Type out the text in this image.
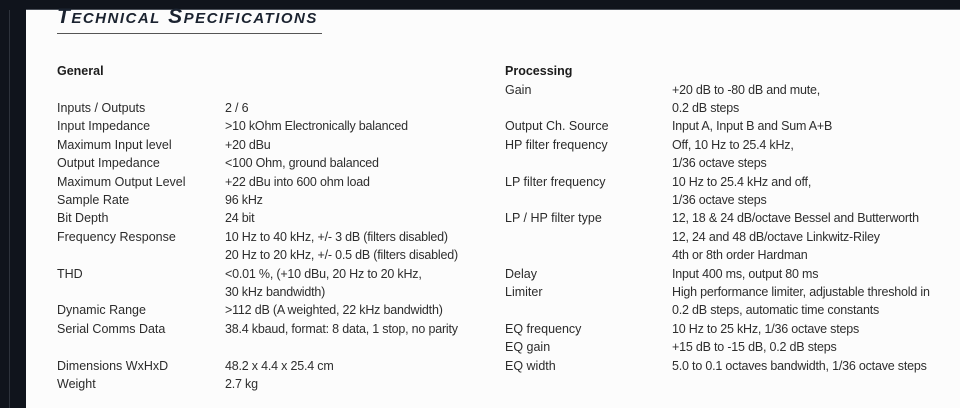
Technical Specifications
General
Inputs / Outputs	2 / 6
Input Impedance	>10 kOhm Electronically balanced
Maximum Input level	+20 dBu
Output Impedance	<100 Ohm, ground balanced
Maximum Output Level	+22 dBu into 600 ohm load
Sample Rate	96 kHz
Bit Depth	24 bit
Frequency Response	10 Hz to 40 kHz, +/- 3 dB (filters disabled)
20 Hz to 20 kHz, +/- 0.5 dB (filters disabled)
THD	<0.01 %, (+10 dBu, 20 Hz to 20 kHz,
30 kHz bandwidth)
Dynamic Range	>112 dB (A weighted, 22 kHz bandwidth)
Serial Comms Data	38.4 kbaud, format: 8 data, 1 stop, no parity
Dimensions WxHxD	48.2 x 4.4 x 25.4 cm
Weight	2.7 kg
Processing
Gain	+20 dB to -80 dB and mute,
0.2 dB steps
Output Ch. Source	Input A, Input B and Sum A+B
HP filter frequency	Off, 10 Hz to 25.4 kHz,
1/36 octave steps
LP filter frequency	10 Hz to 25.4 kHz and off,
1/36 octave steps
LP / HP filter type	12, 18 & 24 dB/octave Bessel and Butterworth
12, 24 and 48 dB/octave Linkwitz-Riley
4th or 8th order Hardman
Delay	Input 400 ms, output 80 ms
Limiter	High performance limiter, adjustable threshold in
0.2 dB steps, automatic time constants
EQ frequency	10 Hz to 25 kHz, 1/36 octave steps
EQ gain	+15 dB to -15 dB, 0.2 dB steps
EQ width	5.0 to 0.1 octaves bandwidth, 1/36 octave steps
